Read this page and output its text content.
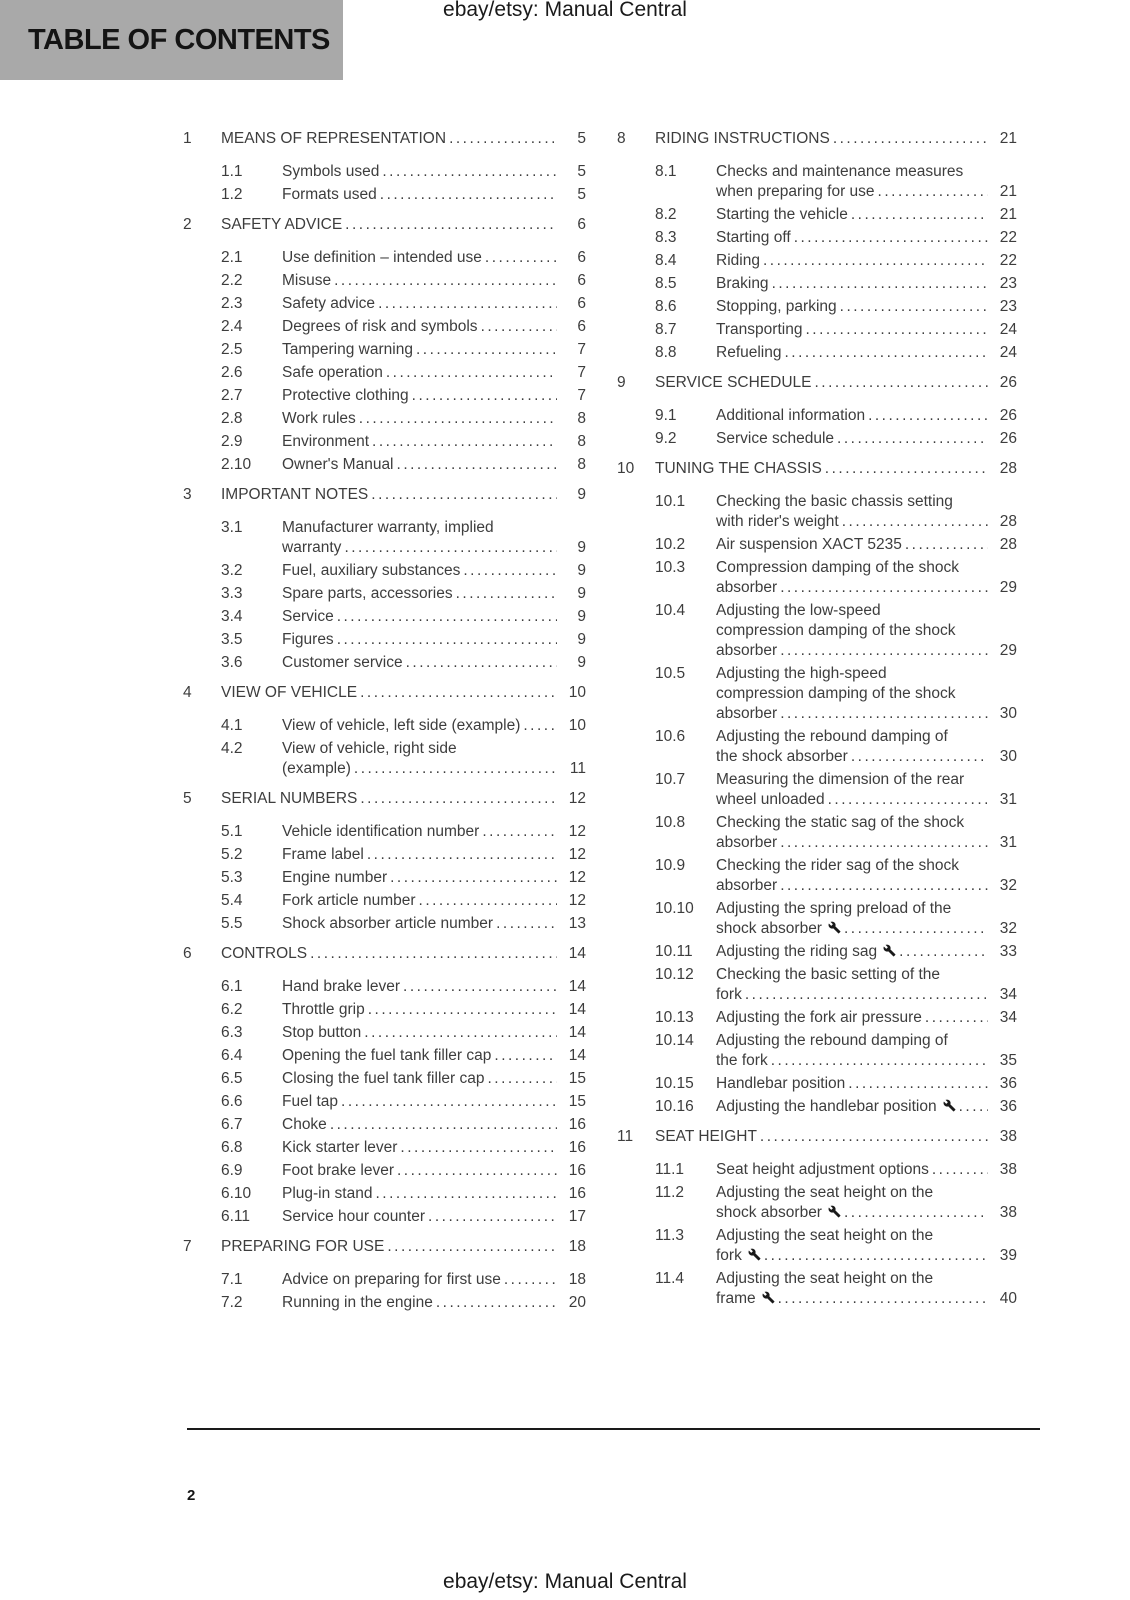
ebay/etsy: Manual Central
TABLE OF CONTENTS
1	MEANS OF REPRESENTATION .....	5
1.1	Symbols used .....	5
1.2	Formats used .....	5
2	SAFETY ADVICE .....	6
2.1	Use definition – intended use .....	6
2.2	Misuse .....	6
2.3	Safety advice .....	6
2.4	Degrees of risk and symbols .....	6
2.5	Tampering warning .....	7
2.6	Safe operation .....	7
2.7	Protective clothing .....	7
2.8	Work rules .....	8
2.9	Environment .....	8
2.10	Owner's Manual .....	8
3	IMPORTANT NOTES .....	9
3.1	Manufacturer warranty, implied
warranty .....	9
3.2	Fuel, auxiliary substances .....	9
3.3	Spare parts, accessories .....	9
3.4	Service .....	9
3.5	Figures .....	9
3.6	Customer service .....	9
4	VIEW OF VEHICLE .....	10
4.1	View of vehicle, left side (example) .....	10
4.2	View of vehicle, right side
(example) .....	11
5	SERIAL NUMBERS .....	12
5.1	Vehicle identification number .....	12
5.2	Frame label .....	12
5.3	Engine number .....	12
5.4	Fork article number .....	12
5.5	Shock absorber article number .....	13
6	CONTROLS .....	14
6.1	Hand brake lever .....	14
6.2	Throttle grip .....	14
6.3	Stop button .....	14
6.4	Opening the fuel tank filler cap .....	14
6.5	Closing the fuel tank filler cap .....	15
6.6	Fuel tap .....	15
6.7	Choke .....	16
6.8	Kick starter lever .....	16
6.9	Foot brake lever .....	16
6.10	Plug-in stand .....	16
6.11	Service hour counter .....	17
7	PREPARING FOR USE .....	18
7.1	Advice on preparing for first use .....	18
7.2	Running in the engine .....	20
8	RIDING INSTRUCTIONS .....	21
8.1	Checks and maintenance measures
when preparing for use .....	21
8.2	Starting the vehicle .....	21
8.3	Starting off .....	22
8.4	Riding .....	22
8.5	Braking .....	23
8.6	Stopping, parking .....	23
8.7	Transporting .....	24
8.8	Refueling .....	24
9	SERVICE SCHEDULE .....	26
9.1	Additional information .....	26
9.2	Service schedule .....	26
10	TUNING THE CHASSIS .....	28
10.1	Checking the basic chassis setting
with rider's weight .....	28
10.2	Air suspension XACT 5235 .....	28
10.3	Compression damping of the shock
absorber .....	29
10.4	Adjusting the low-speed
compression damping of the shock
absorber .....	29
10.5	Adjusting the high-speed
compression damping of the shock
absorber .....	30
10.6	Adjusting the rebound damping of
the shock absorber .....	30
10.7	Measuring the dimension of the rear
wheel unloaded .....	31
10.8	Checking the static sag of the shock
absorber .....	31
10.9	Checking the rider sag of the shock
absorber .....	32
10.10	Adjusting the spring preload of the
shock absorber .....	32
10.11	Adjusting the riding sag .....	33
10.12	Checking the basic setting of the
fork .....	34
10.13	Adjusting the fork air pressure .....	34
10.14	Adjusting the rebound damping of
the fork .....	35
10.15	Handlebar position .....	36
10.16	Adjusting the handlebar position .....	36
11	SEAT HEIGHT .....	38
11.1	Seat height adjustment options .....	38
11.2	Adjusting the seat height on the
shock absorber .....	38
11.3	Adjusting the seat height on the
fork .....	39
11.4	Adjusting the seat height on the
frame .....	40
2
ebay/etsy: Manual Central
